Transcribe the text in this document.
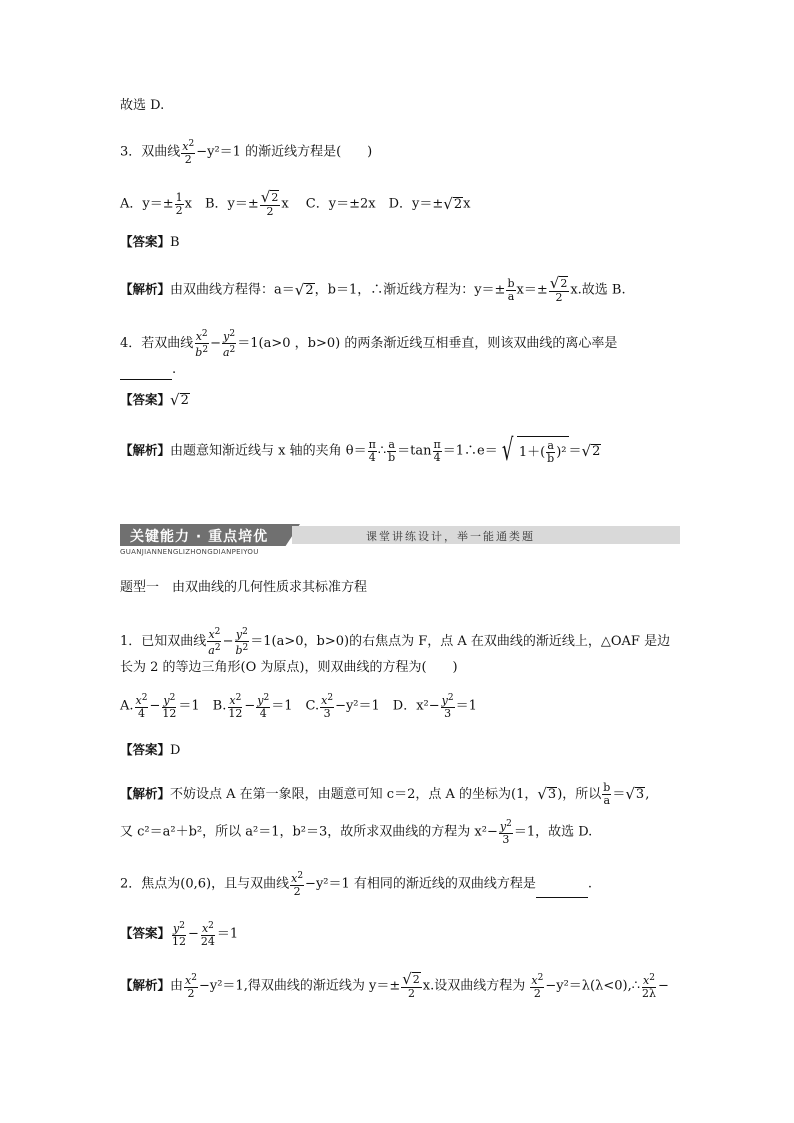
故选 D.
3．双曲线 $\frac{x^2}{2} -y^2=1$ 的渐近线方程是(　　)
A．$y=\pm \frac{1}{2}$ x　B．$y=\pm \frac{√ 2}{2}$ x　 C．y＝±2x　D．y＝± √ 2 x
【答案】B
【解析】由双曲线方程得：a＝ √ 2 ，b＝1，∴渐近线方程为：$y=\pm \frac{b}{a} x=\pm \frac{√ 2}{2} x$.故选 B.
4．若双曲线 $\frac{x^2}{b^2} - \frac{y^2}{a^2} =1(a>0$ ，b>0) 的两条渐近线互相垂直，则该双曲线的离心率是
.
【答案】 √ 2
【解析】由题意知渐近线与 x 轴的夹角 $\theta= \frac{\pi}{4}$ ∴ $\frac{a}{b} =\tan \frac{\pi}{4}$ ＝1∴e＝ √ $1+( \frac{a}{b} )^2$ ＝ √ 2
关键能力 · 重点培优	课堂讲练设计，举一能通类题
GUANJIANNENGLIZHONGDIANPEIYOU
题型一　由双曲线的几何性质求其标准方程
1．已知双曲线 $\frac{x^2}{a^2} - \frac{y^2}{b^2} =1(a>0$，b>0)的右焦点为 F，点 A 在双曲线的渐近线上，△OAF 是边
长为 2 的等边三角形(O 为原点)，则双曲线的方程为(　　)
A. $\frac{x^2}{4} - \frac{y^2}{12} =1$　B. $\frac{x^2}{12} - \frac{y^2}{4} =1$　C. $\frac{x^2}{3} -y^2=1$　D．$x^2- \frac{y^2}{3} =1$
【答案】D
【解析】不妨设点 A 在第一象限，由题意可知 c＝2，点 A 的坐标为(1， √ 3 )，所以 $\frac{b}{a}$ ＝ √ 3 ,
又 c²＝a²＋b²，所以 a²＝1，b²＝3，故所求双曲线的方程为 $x^2- \frac{y^2}{3} =1$，故选 D.
2．焦点为(0,6)，且与双曲线 $\frac{x^2}{2} -y^2=1$ 有相同的渐近线的双曲线方程是	.
【答案】 $\frac{y^2}{12} - \frac{x^2}{24} =1$
【解析】由 $\frac{x^2}{2} -y^2=1$,得双曲线的渐近线为 $y=\pm \frac{√ 2}{2} x$.设双曲线方程为 $\frac{x^2}{2}$ −y²＝λ(λ<0),∴ $\frac{x^2}{2\lambda}$ −
